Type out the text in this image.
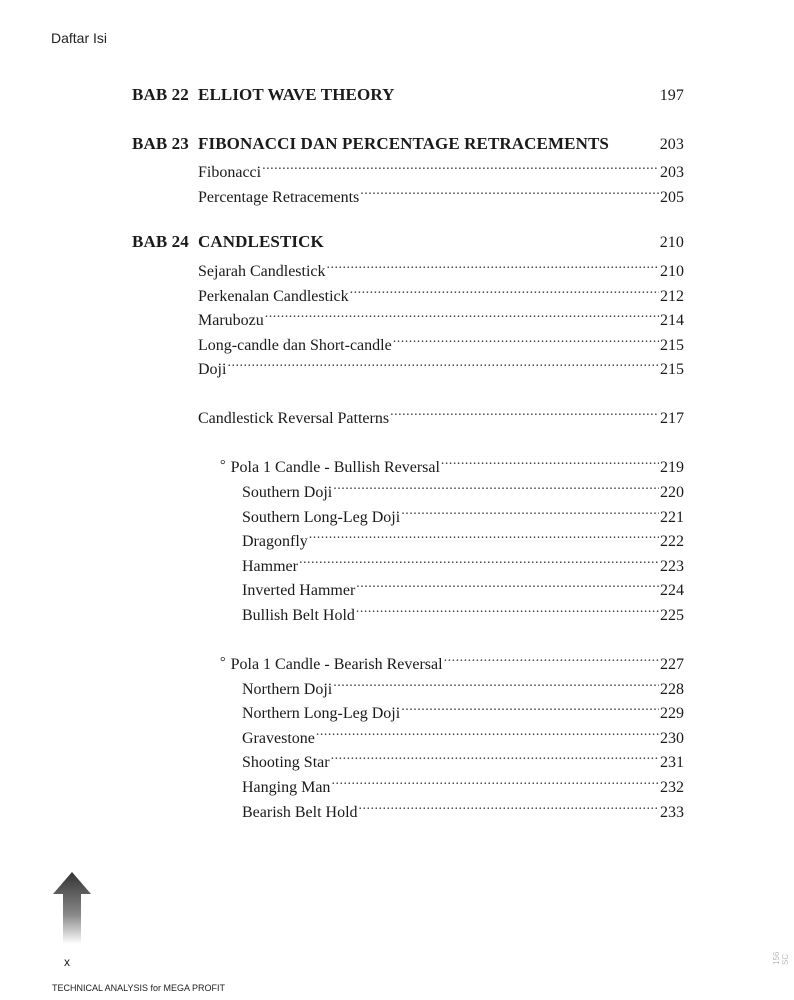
Daftar Isi
BAB 22 ELLIOT WAVE THEORY	197
BAB 23 FIBONACCI DAN PERCENTAGE RETRACEMENTS	203
Fibonacci .....	203
Percentage Retracements .....	205
BAB 24 CANDLESTICK	210
Sejarah Candlestick .....	210
Perkenalan Candlestick .....	212
Marubozu .....	214
Long-candle dan Short-candle .....	215
Doji .....	215
Candlestick Reversal Patterns .....	217
° Pola 1 Candle - Bullish Reversal .....	219
Southern Doji .....	220
Southern Long-Leg Doji .....	221
Dragonfly .....	222
Hammer .....	223
Inverted Hammer .....	224
Bullish Belt Hold .....	225
° Pola 1 Candle - Bearish Reversal .....	227
Northern Doji .....	228
Northern Long-Leg Doji .....	229
Gravestone .....	230
Shooting Star .....	231
Hanging Man .....	232
Bearish Belt Hold .....	233
x
TECHNICAL ANALYSIS for MEGA PROFIT
156 SC
